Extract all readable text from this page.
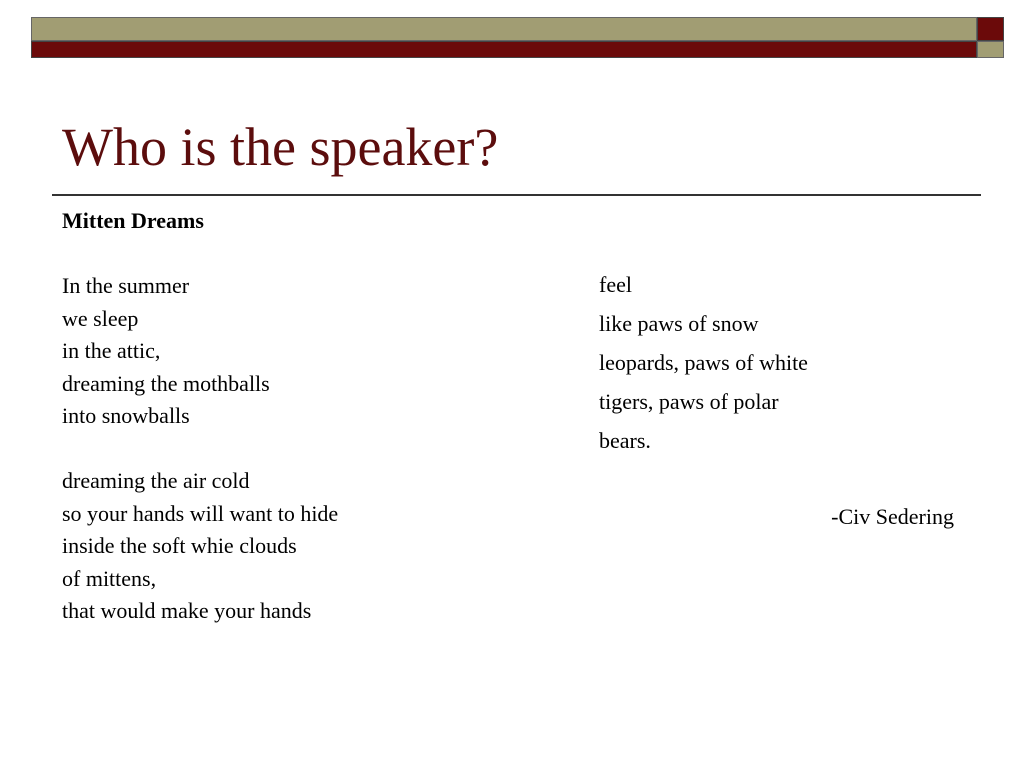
Who is the speaker?
Mitten Dreams
In the summer
we sleep
in the attic,
dreaming the mothballs
into snowballs
dreaming the air cold
so your hands will want to hide
inside the soft whie clouds
of mittens,
that would make your hands
feel
like paws of snow
leopards, paws of white
tigers, paws of polar
bears.
-Civ Sedering
